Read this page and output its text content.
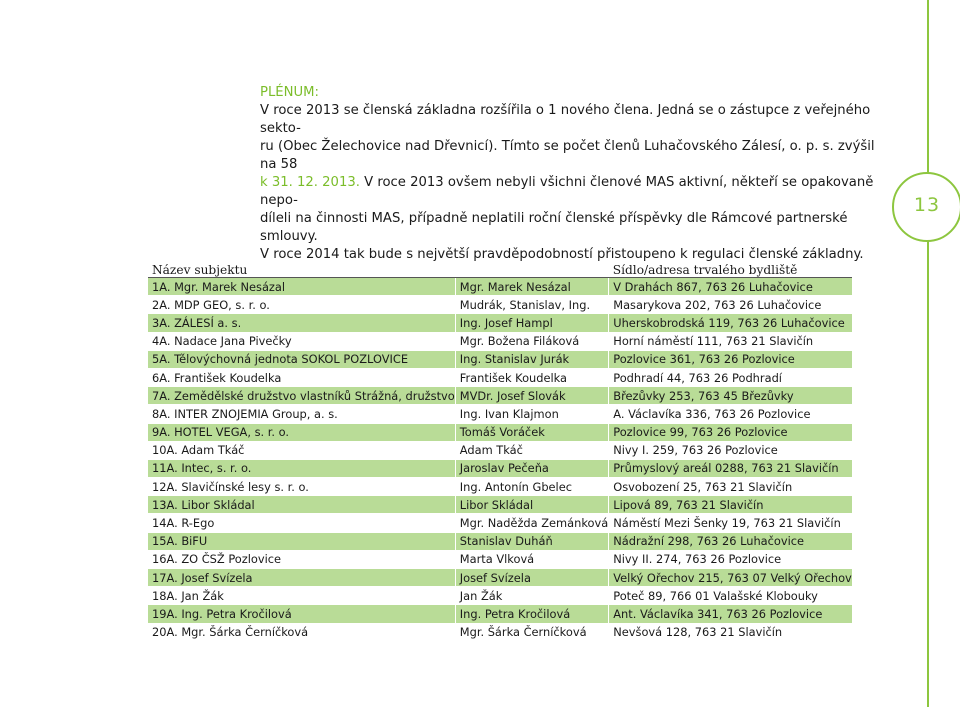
13

PLÉNUM:

V roce 2013 se členská základna rozšířila o 1 nového člena. Jedná se o zástupce z veřejného sekto-

ru (Obec Želechovice nad Dřevnicí). Tímto se počet členů Luhačovského Zálesí, o. p. s. zvýšil na 58

k 31. 12. 2013. V roce 2013 ovšem nebyli všichni členové MAS aktivní, někteří se opakovaně nepo-

díleli na činnosti MAS, případně neplatili roční členské příspěvky dle Rámcové partnerské smlouvy.

V roce 2014 tak bude s největší pravděpodobností přistoupeno k regulaci členské základny.

Název subjektu		Sídlo/adresa trvalého bydliště
1A. Mgr. Marek Nesázal	Mgr. Marek Nesázal	V Drahách 867, 763 26 Luhačovice
2A. MDP GEO, s. r. o.	Mudrák, Stanislav, Ing.	Masarykova 202, 763 26 Luhačovice
3A. ZÁLESÍ a. s.	Ing. Josef Hampl	Uherskobrodská 119, 763 26 Luhačovice
4A. Nadace Jana Pivečky	Mgr. Božena Filáková	Horní náměstí 111, 763 21 Slavičín
5A. Tělovýchovná jednota SOKOL POZLOVICE	Ing. Stanislav Jurák	Pozlovice 361, 763 26 Pozlovice
6A. František Koudelka	František Koudelka	Podhradí 44, 763 26 Podhradí
7A. Zemědělské družstvo vlastníků Strážná, družstvo	MVDr. Josef Slovák	Březůvky 253, 763 45 Březůvky
8A. INTER ZNOJEMIA Group, a. s.	Ing. Ivan Klajmon	A. Václavíka 336, 763 26 Pozlovice
9A. HOTEL VEGA, s. r. o.	Tomáš Voráček	Pozlovice 99, 763 26 Pozlovice
10A. Adam Tkáč	Adam Tkáč	Nivy I. 259, 763 26 Pozlovice
11A. Intec, s. r. o.	Jaroslav Pečeňa	Průmyslový areál 0288, 763 21 Slavičín
12A. Slavičínské lesy s. r. o.	Ing. Antonín Gbelec	Osvobození 25, 763 21 Slavičín
13A. Libor Skládal	Libor Skládal	Lipová 89, 763 21 Slavičín
14A. R-Ego	Mgr. Naděžda Zemánková	Náměstí Mezi Šenky 19, 763 21 Slavičín
15A. BiFU	Stanislav Duháň	Nádražní 298, 763 26 Luhačovice
16A. ZO ČSŽ Pozlovice	Marta Vlková	Nivy II. 274, 763 26 Pozlovice
17A. Josef Svízela	Josef Svízela	Velký Ořechov 215, 763 07 Velký Ořechov
18A. Jan Žák	Jan Žák	Poteč 89, 766 01 Valašské Klobouky
19A. Ing. Petra Kročilová	Ing. Petra Kročilová	Ant. Václavíka 341, 763 26 Pozlovice
20A. Mgr. Šárka Černíčková	Mgr. Šárka Černíčková	Nevšová 128, 763 21 Slavičín
